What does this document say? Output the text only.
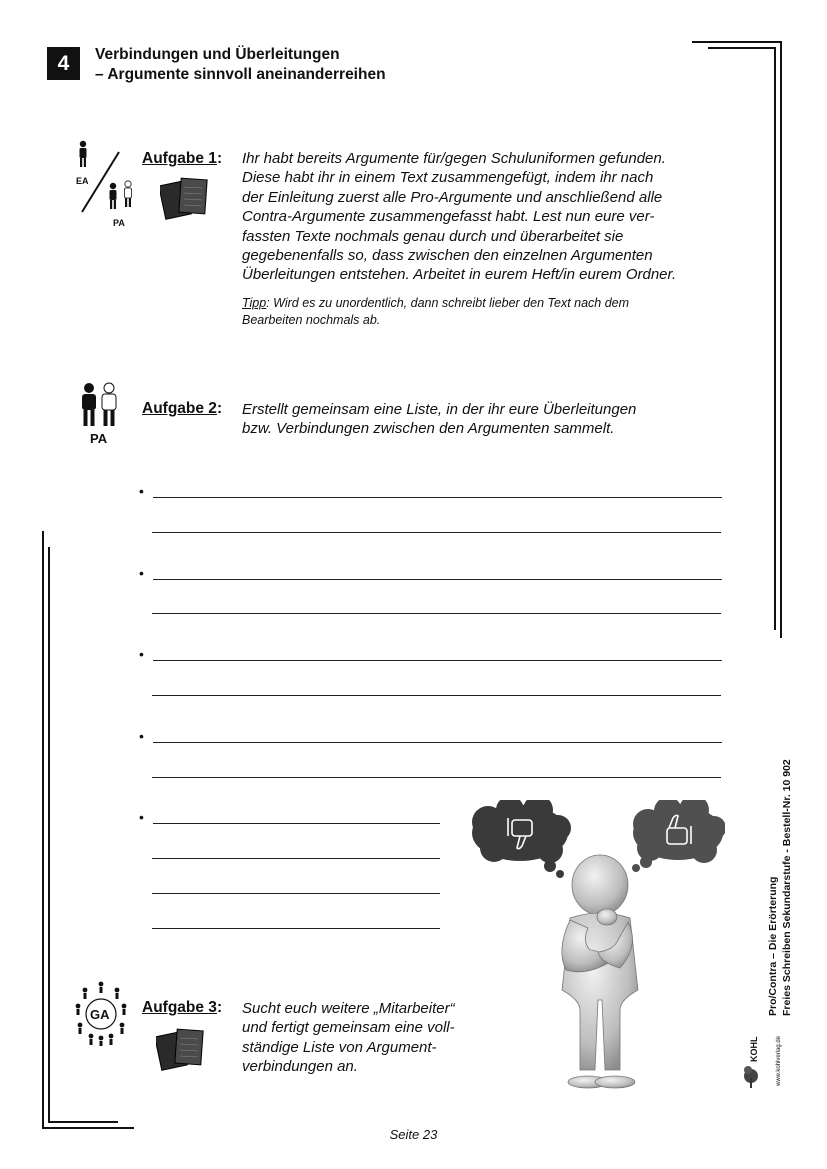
4	Verbindungen und Überleitungen
– Argumente sinnvoll aneinanderreihen
EA
PA
Aufgabe 1: Ihr habt bereits Argumente für/gegen Schuluniformen gefunden.
Diese habt ihr in einem Text zusammengefügt, indem ihr nach
der Einleitung zuerst alle Pro-Argumente und anschließend alle
Contra-Argumente zusammengefasst habt. Lest nun eure ver-
fassten Texte nochmals genau durch und überarbeitet sie
gegebenenfalls so, dass zwischen den einzelnen Argumenten
Überleitungen entstehen. Arbeitet in eurem Heft/in eurem Ordner.
Tipp: Wird es zu unordentlich, dann schreibt lieber den Text nach dem
Bearbeiten nochmals ab.
PA
Aufgabe 2: Erstellt gemeinsam eine Liste, in der ihr eure Überleitungen
bzw. Verbindungen zwischen den Argumenten sammelt.
•
•
•
•
•
GA Aufgabe 3: Sucht euch weitere „Mitarbeiter“
und fertigt gemeinsam eine voll-
ständige Liste von Argument-
verbindungen an.
Pro/Contra – Die Erörterung Freies Schreiben Sekundarstufe - Bestell-Nr. 10 902
KOHL	www.kohlverlag.de
Seite 23
